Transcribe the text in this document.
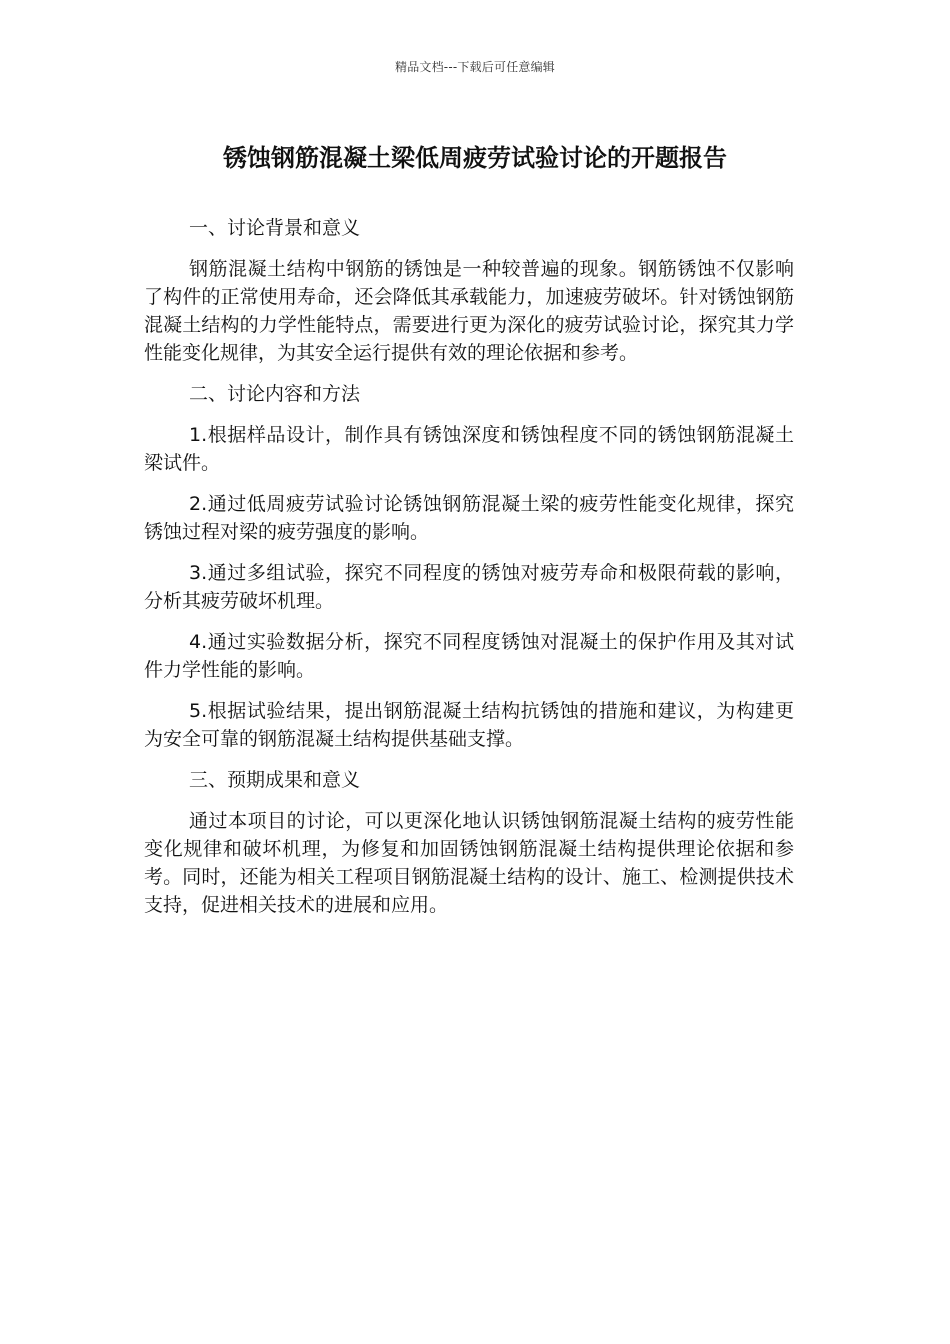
精品文档---下载后可任意编辑
锈蚀钢筋混凝土梁低周疲劳试验讨论的开题报告

一、讨论背景和意义

钢筋混凝土结构中钢筋的锈蚀是一种较普遍的现象。钢筋锈蚀不仅影响了构件的正常使用寿命，还会降低其承载能力，加速疲劳破坏。针对锈蚀钢筋混凝土结构的力学性能特点，需要进行更为深化的疲劳试验讨论，探究其力学性能变化规律，为其安全运行提供有效的理论依据和参考。

二、讨论内容和方法

1.根据样品设计，制作具有锈蚀深度和锈蚀程度不同的锈蚀钢筋混凝土梁试件。

2.通过低周疲劳试验讨论锈蚀钢筋混凝土梁的疲劳性能变化规律，探究锈蚀过程对梁的疲劳强度的影响。

3.通过多组试验，探究不同程度的锈蚀对疲劳寿命和极限荷载的影响，分析其疲劳破坏机理。

4.通过实验数据分析，探究不同程度锈蚀对混凝土的保护作用及其对试件力学性能的影响。

5.根据试验结果，提出钢筋混凝土结构抗锈蚀的措施和建议，为构建更为安全可靠的钢筋混凝土结构提供基础支撑。

三、预期成果和意义

通过本项目的讨论，可以更深化地认识锈蚀钢筋混凝土结构的疲劳性能变化规律和破坏机理，为修复和加固锈蚀钢筋混凝土结构提供理论依据和参考。同时，还能为相关工程项目钢筋混凝土结构的设计、施工、检测提供技术支持，促进相关技术的进展和应用。
